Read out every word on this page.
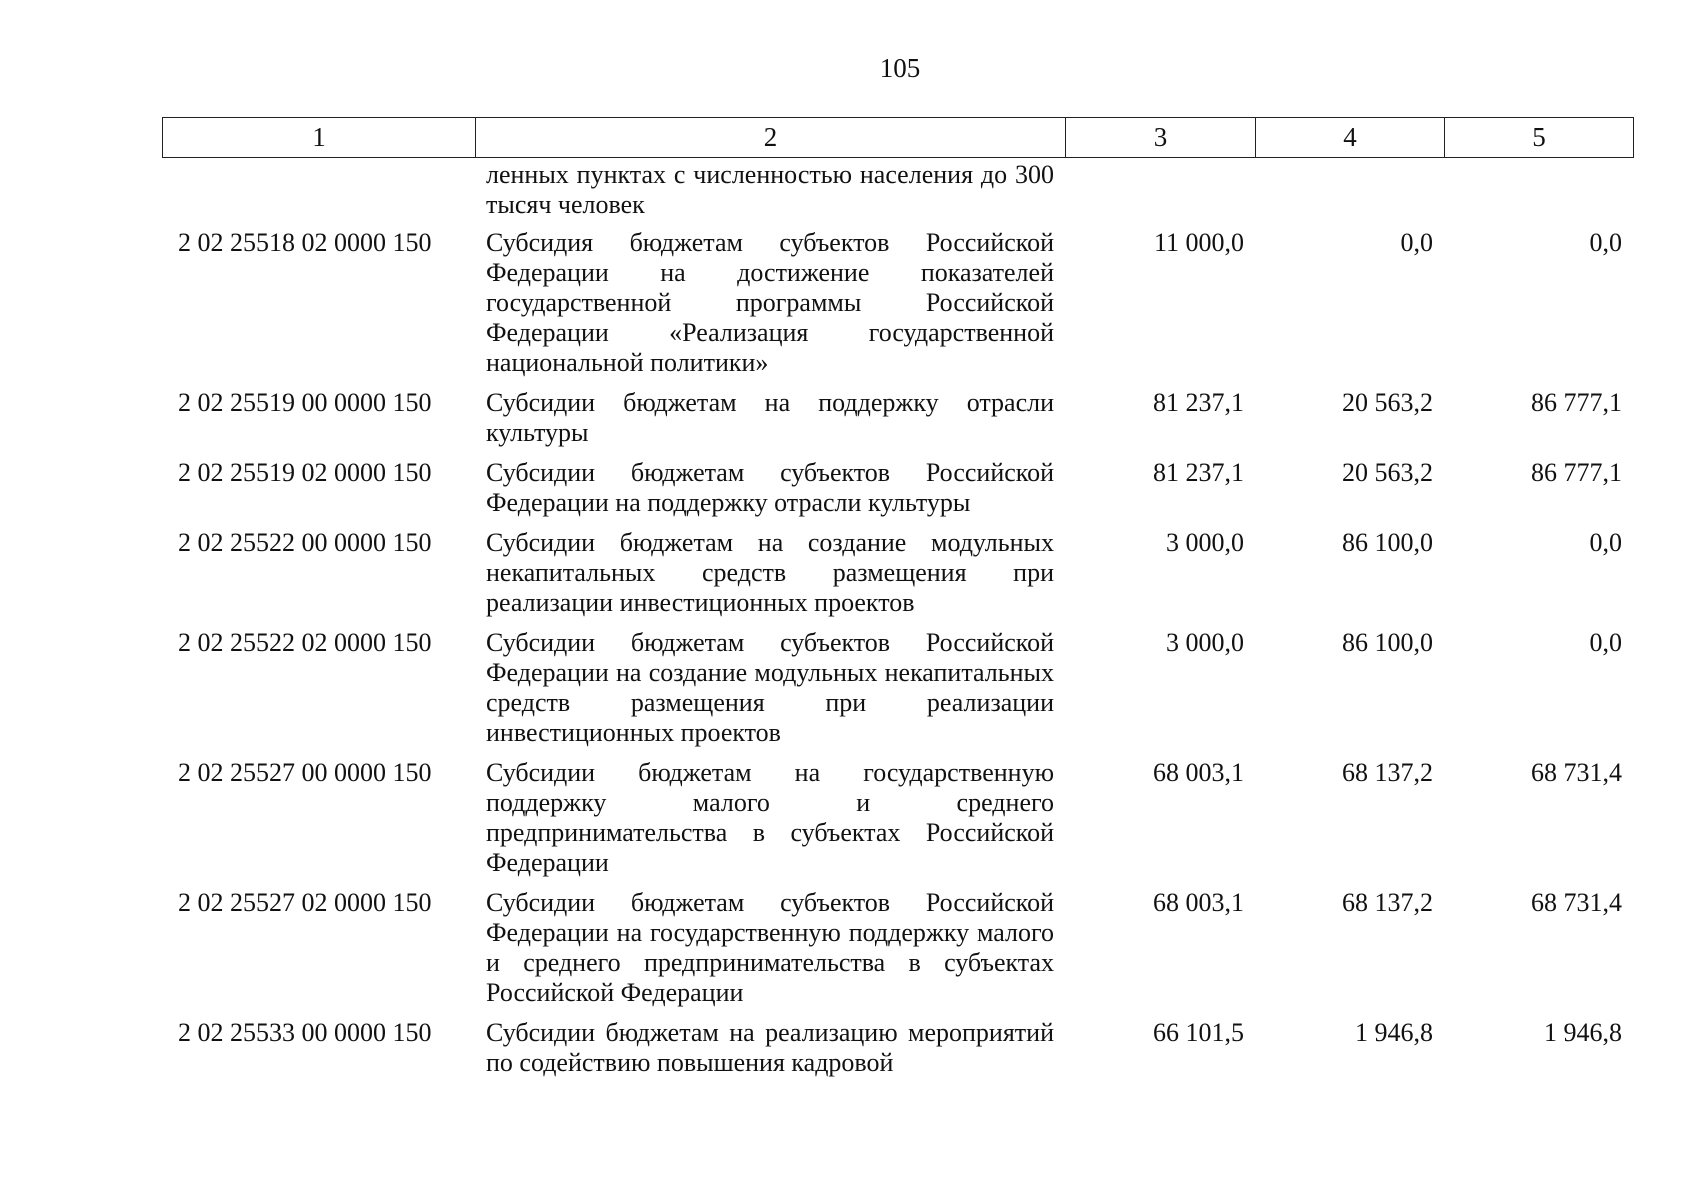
105
1	2	3	4	5
	ленных пунктах с численностью населения до 300 тысяч человек			
2 02 25518 02 0000 150	Субсидия бюджетам субъектов Российской Федерации на достижение показателей государственной программы Российской Федерации «Реализация государственной национальной политики»	11 000,0	0,0	0,0
2 02 25519 00 0000 150	Субсидии бюджетам на поддержку отрасли культуры	81 237,1	20 563,2	86 777,1
2 02 25519 02 0000 150	Субсидии бюджетам субъектов Российской Федерации на поддержку отрасли культуры	81 237,1	20 563,2	86 777,1
2 02 25522 00 0000 150	Субсидии бюджетам на создание модульных некапитальных средств размещения при реализации инвестиционных проектов	3 000,0	86 100,0	0,0
2 02 25522 02 0000 150	Субсидии бюджетам субъектов Российской Федерации на создание модульных некапитальных средств размещения при реализации инвестиционных проектов	3 000,0	86 100,0	0,0
2 02 25527 00 0000 150	Субсидии бюджетам на государственную поддержку малого и среднего предпринимательства в субъектах Российской Федерации	68 003,1	68 137,2	68 731,4
2 02 25527 02 0000 150	Субсидии бюджетам субъектов Российской Федерации на государственную поддержку малого и среднего предпринимательства в субъектах Российской Федерации	68 003,1	68 137,2	68 731,4
2 02 25533 00 0000 150	Субсидии бюджетам на реализацию мероприятий по содействию повышения кадровой	66 101,5	1 946,8	1 946,8
